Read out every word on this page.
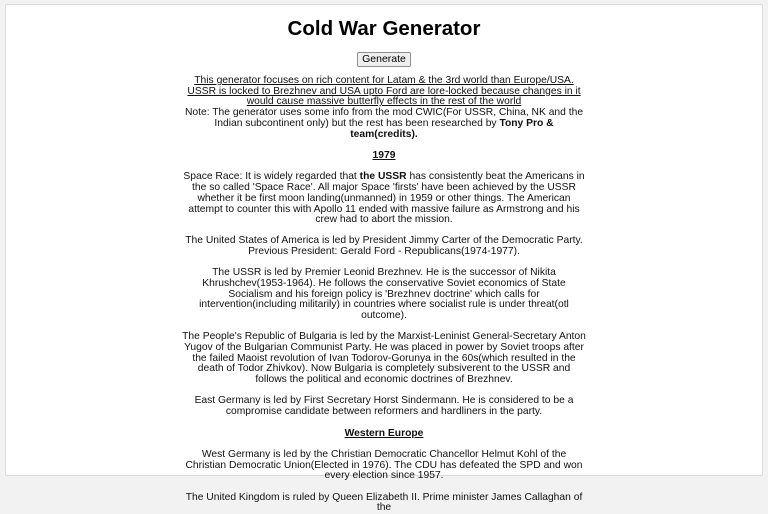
Cold War Generator
Generate
This generator focuses on rich content for Latam & the 3rd world than Europe/USA. USSR is locked to Brezhnev and USA upto Ford are lore-locked because changes in it would cause massive butterfly effects in the rest of the world
Note: The generator uses some info from the mod CWIC(For USSR, China, NK and the Indian subcontinent only) but the rest has been researched by Tony Pro & team(credits).
1979

Space Race: It is widely regarded that the USSR has consistently beat the Americans in the so called 'Space Race'. All major Space 'firsts' have been achieved by the USSR whether it be first moon landing(unmanned) in 1959 or other things. The American attempt to counter this with Apollo 11 ended with massive failure as Armstrong and his crew had to abort the mission.

The United States of America is led by President Jimmy Carter of the Democratic Party. Previous President: Gerald Ford - Republicans(1974-1977).

The USSR is led by Premier Leonid Brezhnev. He is the successor of Nikita Khrushchev(1953-1964). He follows the conservative Soviet economics of State Socialism and his foreign policy is 'Brezhnev doctrine' which calls for intervention(including militarily) in countries where socialist rule is under threat(otl outcome).

The People's Republic of Bulgaria is led by the Marxist-Leninist General-Secretary Anton Yugov of the Bulgarian Communist Party. He was placed in power by Soviet troops after the failed Maoist revolution of Ivan Todorov-Gorunya in the 60s(which resulted in the death of Todor Zhivkov). Now Bulgaria is completely subsiverent to the USSR and follows the political and economic doctrines of Brezhnev.

East Germany is led by First Secretary Horst Sindermann. He is considered to be a compromise candidate between reformers and hardliners in the party.

Western Europe

West Germany is led by the Christian Democratic Chancellor Helmut Kohl of the Christian Democratic Union(Elected in 1976). The CDU has defeated the SPD and won every election since 1957.

The United Kingdom is ruled by Queen Elizabeth II. Prime minister James Callaghan of the
